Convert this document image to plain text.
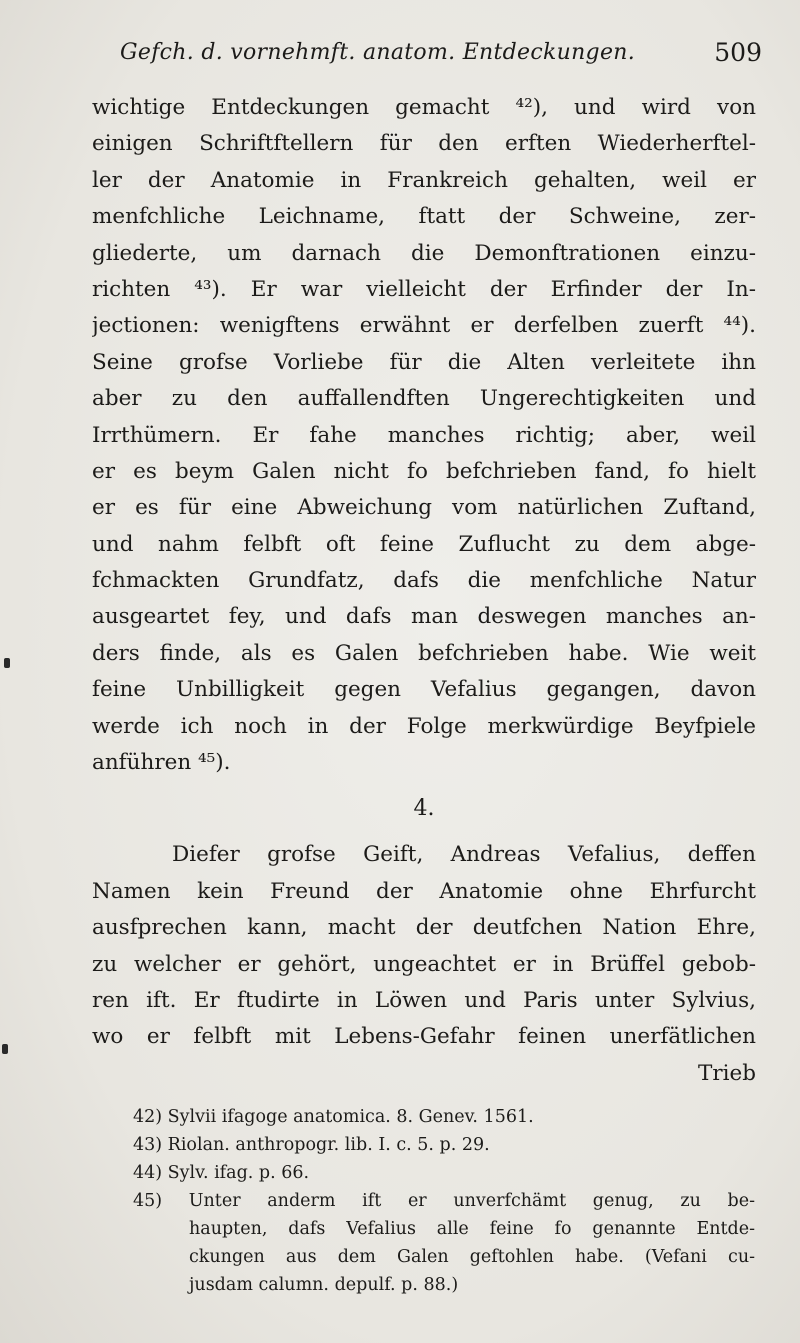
Gefch. d. vornehmft. anatom. Entdeckungen.	509
wichtige Entdeckungen gemacht ⁴²), und wird von
einigen Schriftftellern für den erften Wiederherftel-
ler der Anatomie in Frankreich gehalten, weil er
menfchliche Leichname, ftatt der Schweine, zer-
gliederte, um darnach die Demonftrationen einzu-
richten ⁴³). Er war vielleicht der Erfinder der In-
jectionen: wenigftens erwähnt er derfelben zuerft ⁴⁴).
Seine grofse Vorliebe für die Alten verleitete ihn
aber zu den auffallendften Ungerechtigkeiten und
Irrthümern. Er fahe manches richtig; aber, weil
er es beym Galen nicht fo befchrieben fand, fo hielt
er es für eine Abweichung vom natürlichen Zuftand,
und nahm felbft oft feine Zuflucht zu dem abge-
fchmackten Grundfatz, dafs die menfchliche Natur
ausgeartet fey, und dafs man deswegen manches an-
ders finde, als es Galen befchrieben habe. Wie weit
feine Unbilligkeit gegen Vefalius gegangen, davon
werde ich noch in der Folge merkwürdige Beyfpiele
anführen ⁴⁵).
4.
Diefer grofse Geift, Andreas Vefalius, deffen
Namen kein Freund der Anatomie ohne Ehrfurcht
ausfprechen kann, macht der deutfchen Nation Ehre,
zu welcher er gehört, ungeachtet er in Brüffel gebob-
ren ift. Er ftudirte in Löwen und Paris unter Sylvius,
wo er felbft mit Lebens-Gefahr feinen unerfätlichen
Trieb
42) Sylvii ifagoge anatomica. 8. Genev. 1561.
43) Riolan. anthropogr. lib. I. c. 5. p. 29.
44) Sylv. ifag. p. 66.
45) Unter anderm ift er unverfchämt genug, zu be-
haupten, dafs Vefalius alle feine fo genannte Entde-
ckungen aus dem Galen geftohlen habe. (Vefani cu-
jusdam calumn. depulf. p. 88.)
